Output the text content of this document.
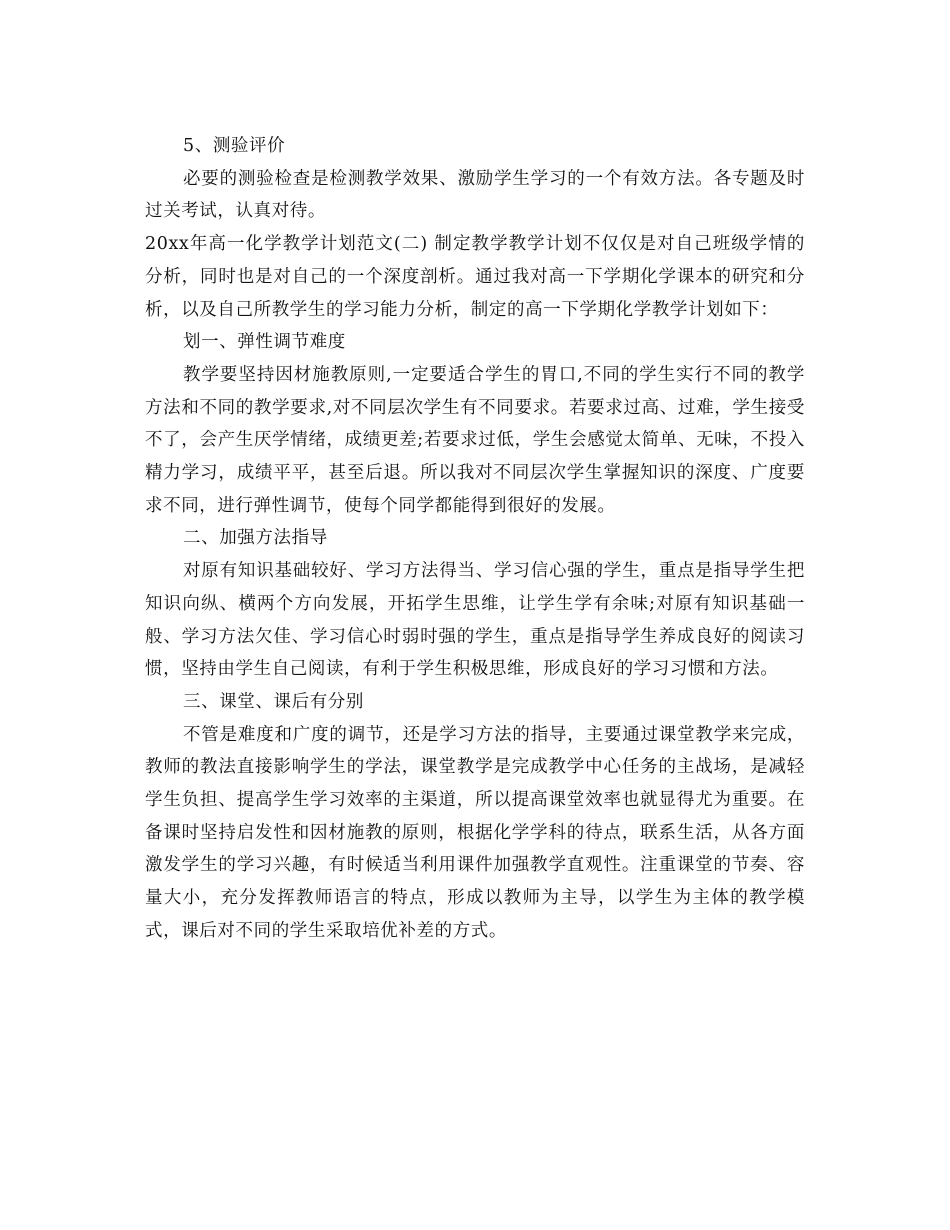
5、测验评价

必要的测验检查是检测教学效果、激励学生学习的一个有效方法。各专题及时过关考试，认真对待。

20xx年高一化学教学计划范文(二) 制定教学教学计划不仅仅是对自己班级学情的分析，同时也是对自己的一个深度剖析。通过我对高一下学期化学课本的研究和分析，以及自己所教学生的学习能力分析，制定的高一下学期化学教学计划如下：

划一、弹性调节难度

教学要坚持因材施教原则,一定要适合学生的胃口,不同的学生实行不同的教学方法和不同的教学要求,对不同层次学生有不同要求。若要求过高、过难，学生接受不了，会产生厌学情绪，成绩更差;若要求过低，学生会感觉太简单、无味，不投入精力学习，成绩平平，甚至后退。所以我对不同层次学生掌握知识的深度、广度要求不同，进行弹性调节，使每个同学都能得到很好的发展。

二、加强方法指导

对原有知识基础较好、学习方法得当、学习信心强的学生，重点是指导学生把知识向纵、横两个方向发展，开拓学生思维，让学生学有余味;对原有知识基础一般、学习方法欠佳、学习信心时弱时强的学生，重点是指导学生养成良好的阅读习惯，坚持由学生自己阅读，有利于学生积极思维，形成良好的学习习惯和方法。

三、课堂、课后有分别

不管是难度和广度的调节，还是学习方法的指导，主要通过课堂教学来完成，教师的教法直接影响学生的学法，课堂教学是完成教学中心任务的主战场，是减轻学生负担、提高学生学习效率的主渠道，所以提高课堂效率也就显得尤为重要。在备课时坚持启发性和因材施教的原则，根据化学学科的待点，联系生活，从各方面激发学生的学习兴趣，有时候适当利用课件加强教学直观性。注重课堂的节奏、容量大小，充分发挥教师语言的特点，形成以教师为主导，以学生为主体的教学模式，课后对不同的学生采取培优补差的方式。
